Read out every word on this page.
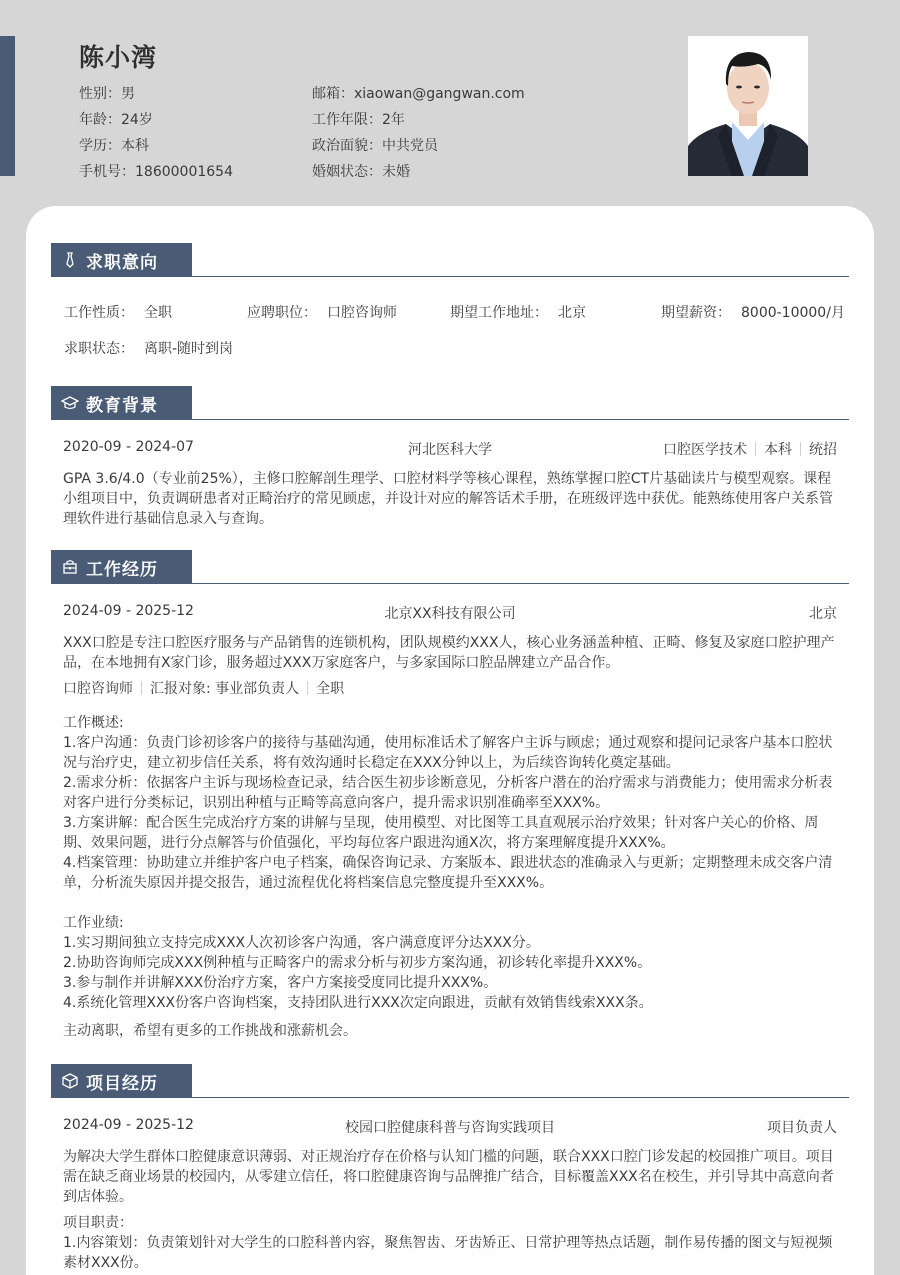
陈小湾
性别：男
年龄：24岁
学历：本科
手机号：18600001654
邮箱：xiaowan@gangwan.com
工作年限：2年
政治面貌：中共党员
婚姻状态：未婚
求职意向
工作性质： 全职	应聘职位： 口腔咨询师	期望工作地址： 北京	期望薪资： 8000-10000/月
求职状态： 离职-随时到岗
教育背景
2020-09 - 2024-07	河北医科大学	口腔医学技术 本科 统招
GPA 3.6/4.0（专业前25%），主修口腔解剖生理学、口腔材料学等核心课程，熟练掌握口腔CT片基础读片与模型观察。课程小组项目中，负责调研患者对正畸治疗的常见顾虑，并设计对应的解答话术手册，在班级评选中获优。能熟练使用客户关系管理软件进行基础信息录入与查询。
工作经历
2024-09 - 2025-12	北京XX科技有限公司	北京
XXX口腔是专注口腔医疗服务与产品销售的连锁机构，团队规模约XXX人，核心业务涵盖种植、正畸、修复及家庭口腔护理产品，在本地拥有X家门诊，服务超过XXX万家庭客户，与多家国际口腔品牌建立产品合作。
口腔咨询师 汇报对象: 事业部负责人 全职
工作概述:
1.客户沟通：负责门诊初诊客户的接待与基础沟通，使用标准话术了解客户主诉与顾虑；通过观察和提问记录客户基本口腔状况与治疗史，建立初步信任关系，将有效沟通时长稳定在XXX分钟以上，为后续咨询转化奠定基础。
2.需求分析：依据客户主诉与现场检查记录，结合医生初步诊断意见，分析客户潜在的治疗需求与消费能力；使用需求分析表对客户进行分类标记，识别出种植与正畸等高意向客户，提升需求识别准确率至XXX%。
3.方案讲解：配合医生完成治疗方案的讲解与呈现，使用模型、对比图等工具直观展示治疗效果；针对客户关心的价格、周期、效果问题，进行分点解答与价值强化，平均每位客户跟进沟通X次，将方案理解度提升XXX%。
4.档案管理：协助建立并维护客户电子档案，确保咨询记录、方案版本、跟进状态的准确录入与更新；定期整理未成交客户清单，分析流失原因并提交报告，通过流程优化将档案信息完整度提升至XXX%。
工作业绩:
1.实习期间独立支持完成XXX人次初诊客户沟通，客户满意度评分达XXX分。
2.协助咨询师完成XXX例种植与正畸客户的需求分析与初步方案沟通，初诊转化率提升XXX%。
3.参与制作并讲解XXX份治疗方案，客户方案接受度同比提升XXX%。
4.系统化管理XXX份客户咨询档案，支持团队进行XXX次定向跟进，贡献有效销售线索XXX条。
主动离职，希望有更多的工作挑战和涨薪机会。
项目经历
2024-09 - 2025-12	校园口腔健康科普与咨询实践项目	项目负责人
为解决大学生群体口腔健康意识薄弱、对正规治疗存在价格与认知门槛的问题，联合XXX口腔门诊发起的校园推广项目。项目需在缺乏商业场景的校园内，从零建立信任，将口腔健康咨询与品牌推广结合，目标覆盖XXX名在校生，并引导其中高意向者到店体验。
项目职责：
1.内容策划：负责策划针对大学生的口腔科普内容，聚焦智齿、牙齿矫正、日常护理等热点话题，制作易传播的图文与短视频素材XXX份。
